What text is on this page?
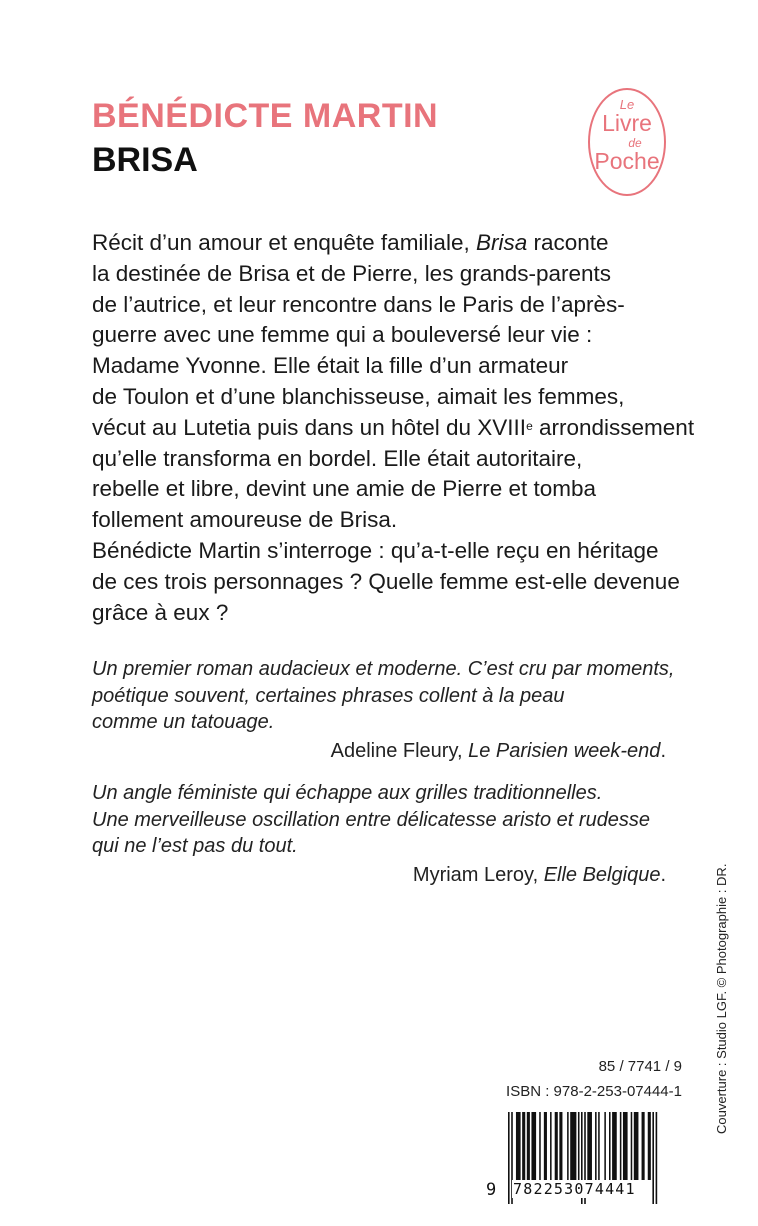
BÉNÉDICTE MARTIN
BRISA
Le
Livre
de
Poche
Récit d’un amour et enquête familiale, Brisa raconte
la destinée de Brisa et de Pierre, les grands-parents
de l’autrice, et leur rencontre dans le Paris de l’après-
guerre avec une femme qui a bouleversé leur vie :
Madame Yvonne. Elle était la fille d’un armateur
de Toulon et d’une blanchisseuse, aimait les femmes,
vécut au Lutetia puis dans un hôtel du XVIIIe arrondissement
qu’elle transforma en bordel. Elle était autoritaire,
rebelle et libre, devint une amie de Pierre et tomba
follement amoureuse de Brisa.
Bénédicte Martin s’interroge : qu’a-t-elle reçu en héritage
de ces trois personnages ? Quelle femme est-elle devenue
grâce à eux ?
Un premier roman audacieux et moderne. C’est cru par moments,
poétique souvent, certaines phrases collent à la peau
comme un tatouage.
Adeline Fleury, Le Parisien week-end.
Un angle féministe qui échappe aux grilles traditionnelles.
Une merveilleuse oscillation entre délicatesse aristo et rudesse
qui ne l’est pas du tout.
Myriam Leroy, Elle Belgique.	Couverture : Studio LGF. © Photographie : DR.
85 / 7741 / 9
ISBN : 978-2-253-07444-1
9 782253074441
